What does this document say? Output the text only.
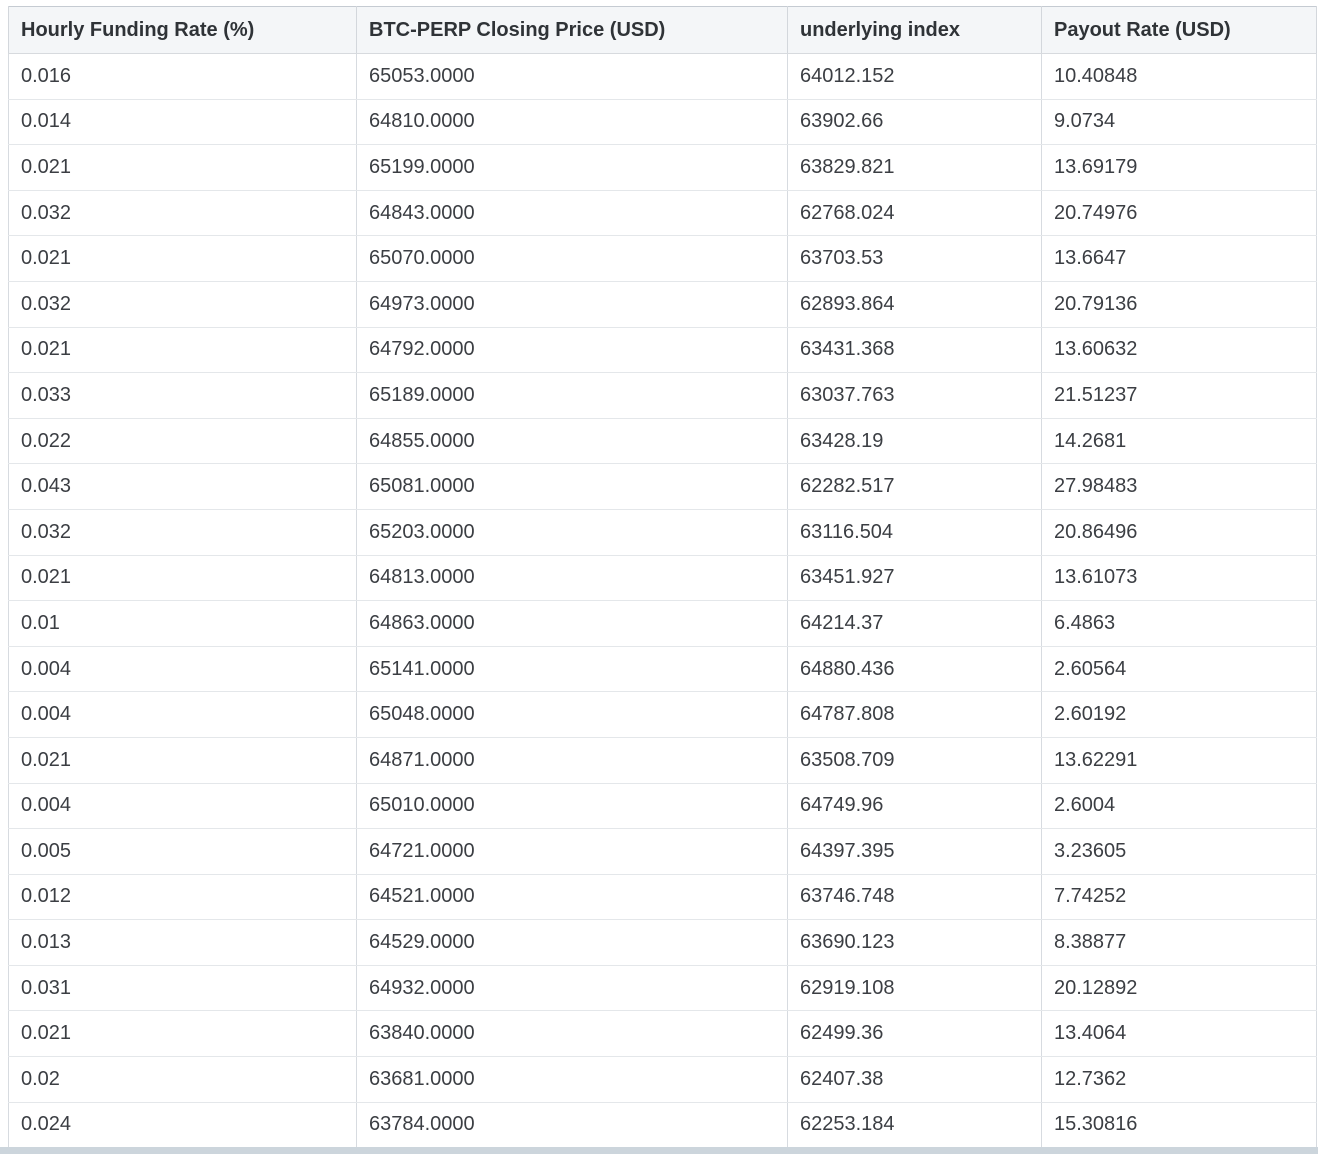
Hourly Funding Rate (%)	BTC-PERP Closing Price (USD)	underlying index	Payout Rate (USD)
0.016	65053.0000	64012.152	10.40848
0.014	64810.0000	63902.66	9.0734
0.021	65199.0000	63829.821	13.69179
0.032	64843.0000	62768.024	20.74976
0.021	65070.0000	63703.53	13.6647
0.032	64973.0000	62893.864	20.79136
0.021	64792.0000	63431.368	13.60632
0.033	65189.0000	63037.763	21.51237
0.022	64855.0000	63428.19	14.2681
0.043	65081.0000	62282.517	27.98483
0.032	65203.0000	63116.504	20.86496
0.021	64813.0000	63451.927	13.61073
0.01	64863.0000	64214.37	6.4863
0.004	65141.0000	64880.436	2.60564
0.004	65048.0000	64787.808	2.60192
0.021	64871.0000	63508.709	13.62291
0.004	65010.0000	64749.96	2.6004
0.005	64721.0000	64397.395	3.23605
0.012	64521.0000	63746.748	7.74252
0.013	64529.0000	63690.123	8.38877
0.031	64932.0000	62919.108	20.12892
0.021	63840.0000	62499.36	13.4064
0.02	63681.0000	62407.38	12.7362
0.024	63784.0000	62253.184	15.30816
